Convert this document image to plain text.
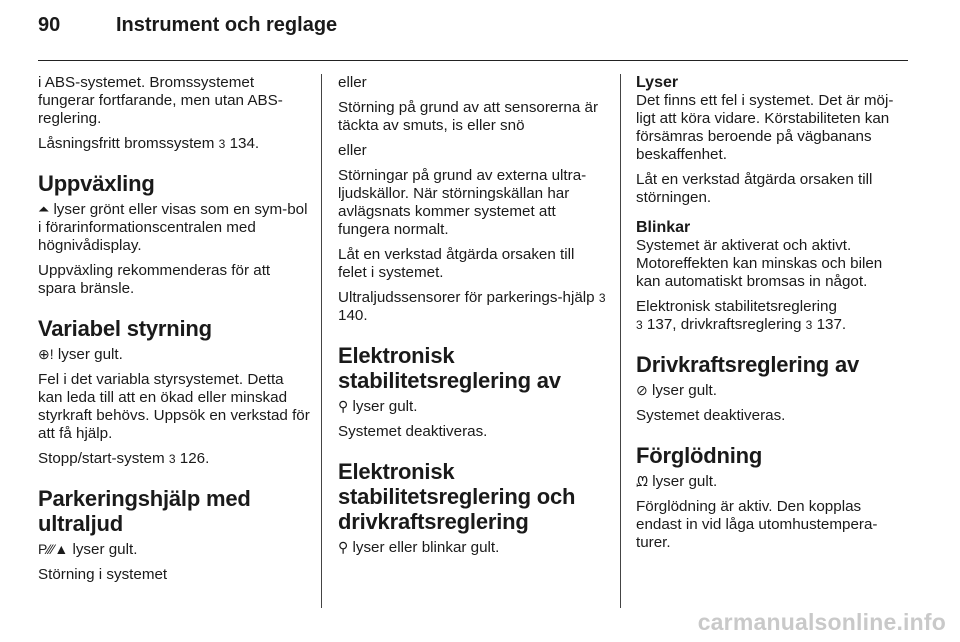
90	Instrument och reglage

i ABS-systemet. Bromssystemet fungerar fortfarande, men utan ABS-reglering.

Låsningsfritt bromssystem 3 134.

Uppväxling

⏶ lyser grönt eller visas som en sym-bol i förarinformationscentralen med högnivådisplay.

Uppväxling rekommenderas för att spara bränsle.

Variabel styrning

⊕! lyser gult.

Fel i det variabla styrsystemet. Detta kan leda till att en ökad eller minskad styrkraft behövs. Uppsök en verkstad för att få hjälp.

Stopp/start-system 3 126.

Parkeringshjälp med ultraljud

P⁄⁄⁄▲ lyser gult.

Störning i systemet

eller

Störning på grund av att sensorerna är täckta av smuts, is eller snö

eller

Störningar på grund av externa ultra-ljudskällor. När störningskällan har avlägsnats kommer systemet att fungera normalt.

Låt en verkstad åtgärda orsaken till felet i systemet.

Ultraljudssensorer för parkerings-hjälp 3 140.

Elektronisk stabilitetsreglering av

⚲ lyser gult.

Systemet deaktiveras.

Elektronisk stabilitetsreglering och drivkraftsreglering

⚲ lyser eller blinkar gult.

Lyser

Det finns ett fel i systemet. Det är möj-ligt att köra vidare. Körstabiliteten kan försämras beroende på vägbanans beskaffenhet.

Låt en verkstad åtgärda orsaken till störningen.

Blinkar

Systemet är aktiverat och aktivt. Motoreffekten kan minskas och bilen kan automatiskt bromsas in något.

Elektronisk stabilitetsreglering
3 137, drivkraftsreglering 3 137.

Drivkraftsreglering av

⊘ lyser gult.

Systemet deaktiveras.

Förglödning

ᘻ lyser gult.

Förglödning är aktiv. Den kopplas endast in vid låga utomhustempera-turer.

carmanualsonline.info
